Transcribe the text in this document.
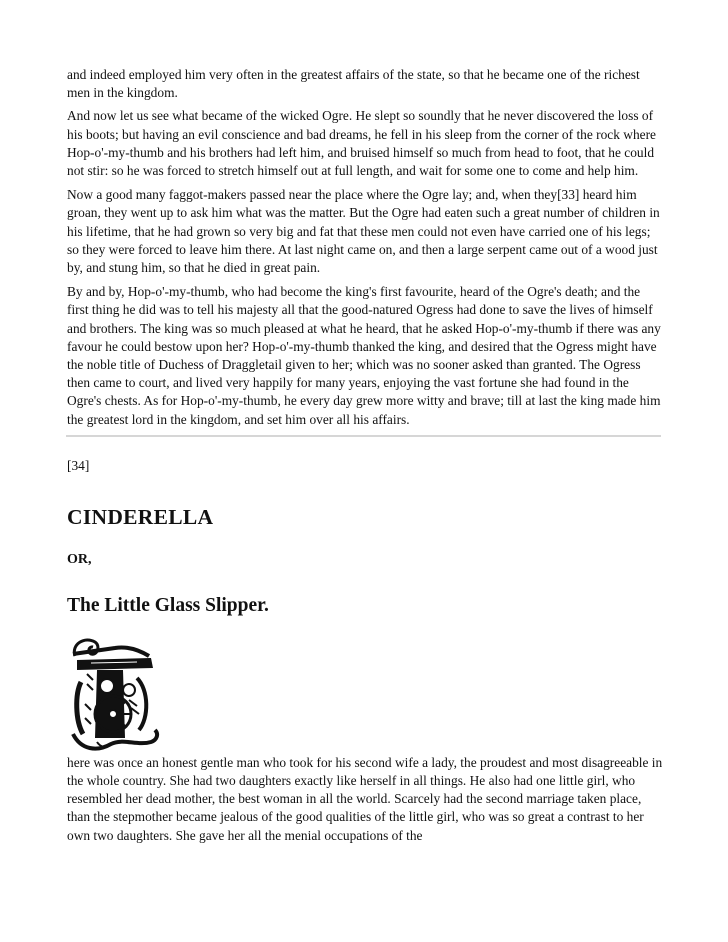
and indeed employed him very often in the greatest affairs of the state, so that he became one of the richest men in the kingdom.

And now let us see what became of the wicked Ogre. He slept so soundly that he never discovered the loss of his boots; but having an evil conscience and bad dreams, he fell in his sleep from the corner of the rock where Hop-o'-my-thumb and his brothers had left him, and bruised himself so much from head to foot, that he could not stir: so he was forced to stretch himself out at full length, and wait for some one to come and help him.

Now a good many faggot-makers passed near the place where the Ogre lay; and, when they[33] heard him groan, they went up to ask him what was the matter. But the Ogre had eaten such a great number of children in his lifetime, that he had grown so very big and fat that these men could not even have carried one of his legs; so they were forced to leave him there. At last night came on, and then a large serpent came out of a wood just by, and stung him, so that he died in great pain.

By and by, Hop-o'-my-thumb, who had become the king's first favourite, heard of the Ogre's death; and the first thing he did was to tell his majesty all that the good-natured Ogress had done to save the lives of himself and brothers. The king was so much pleased at what he heard, that he asked Hop-o'-my-thumb if there was any favour he could bestow upon her? Hop-o'-my-thumb thanked the king, and desired that the Ogress might have the noble title of Duchess of Draggletail given to her; which was no sooner asked than granted. The Ogress then came to court, and lived very happily for many years, enjoying the vast fortune she had found in the Ogre's chests. As for Hop-o'-my-thumb, he every day grew more witty and brave; till at last the king made him the greatest lord in the kingdom, and set him over all his affairs.

[34]
CINDERELLA
OR,
The Little Glass Slipper.

here was once an honest gentle man who took for his second wife a lady, the proudest and most disagreeable in the whole country. She had two daughters exactly like herself in all things. He also had one little girl, who resembled her dead mother, the best woman in all the world. Scarcely had the second marriage taken place, than the stepmother became jealous of the good qualities of the little girl, who was so great a contrast to her own two daughters. She gave her all the menial occupations of the
